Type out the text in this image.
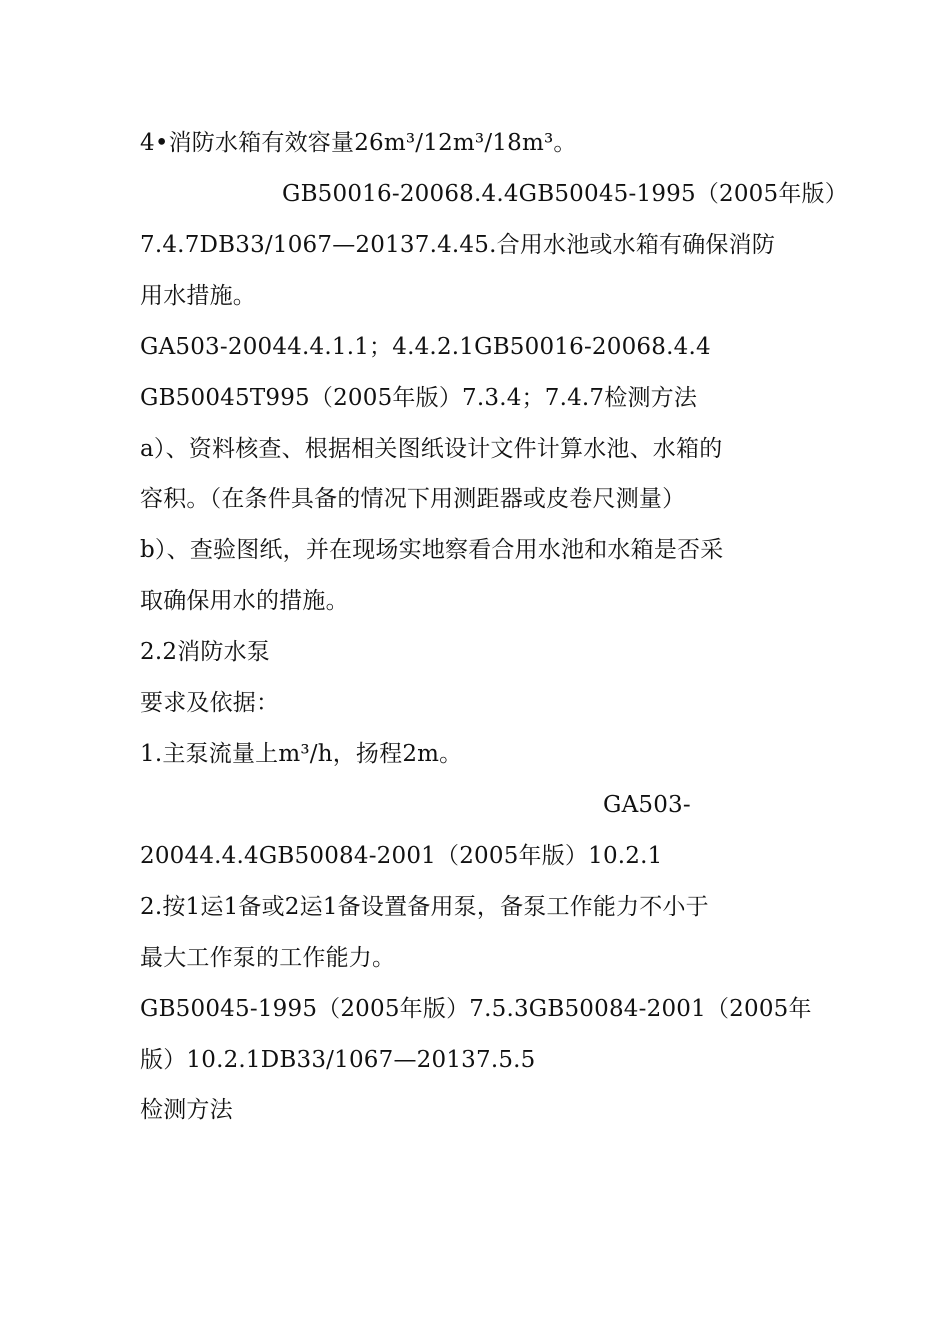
4•消防水箱有效容量26m³/12m³/18m³。
GB50016-20068.4.4GB50045-1995（2005年版）
7.4.7DB33/1067—20137.4.45.合用水池或水箱有确保消防
用水措施。
GA503-20044.4.1.1；4.4.2.1GB50016-20068.4.4
GB50045T995（2005年版）7.3.4；7.4.7检测方法
a）、资料核查、根据相关图纸设计文件计算水池、水箱的
容积。（在条件具备的情况下用测距器或皮卷尺测量）
b）、查验图纸，并在现场实地察看合用水池和水箱是否采
取确保用水的措施。
2.2消防水泵
要求及依据：
1.主泵流量上m³/h，扬程2m。
GA503-
20044.4.4GB50084-2001（2005年版）10.2.1
2.按1运1备或2运1备设置备用泵，备泵工作能力不小于
最大工作泵的工作能力。
GB50045-1995（2005年版）7.5.3GB50084-2001（2005年
版）10.2.1DB33/1067—20137.5.5
检测方法
